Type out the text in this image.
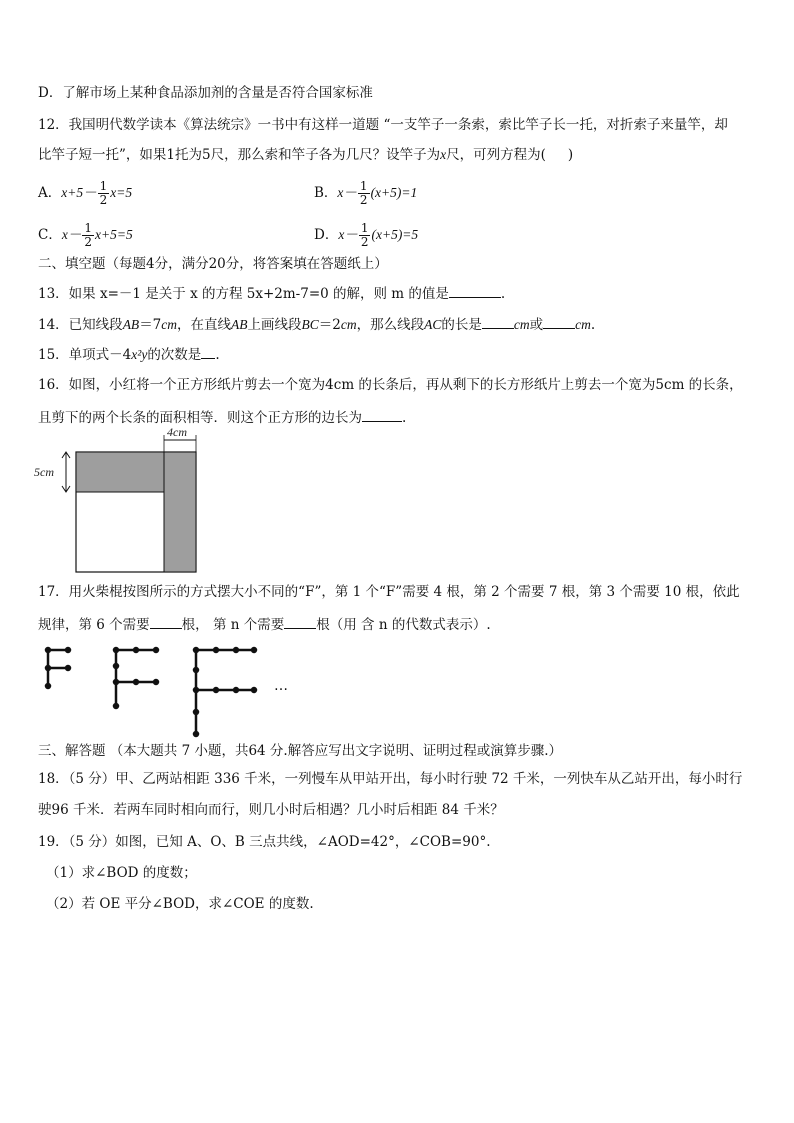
D．了解市场上某种食品添加剂的含量是否符合国家标准
12．我国明代数学读本《算法统宗》一书中有这样一道题 “一支竿子一条索，索比竿子长一托，对折索子来量竿，却
比竿子短一托”，如果1托为5尺，那么索和竿子各为几尺？设竿子为x尺，可列方程为( )
A．$x+5- \frac{1}{2} x=5$	B．$x- \frac{1}{2} (x+5)=1$
C．$x- \frac{1}{2} x+5=5$	D．$x- \frac{1}{2} (x+5)=5$
二、填空题（每题4分，满分20分，将答案填在答题纸上）
13．如果 x=－1 是关于 x 的方程 5x+2m-7=0 的解，则 m 的值是	.
14．已知线段AB＝7cm，在直线AB上画线段BC＝2cm，那么线段AC的长是 cm或 cm.
15．单项式－4x²y的次数是 .
16．如图，小红将一个正方形纸片剪去一个宽为4cm 的长条后，再从剩下的长方形纸片上剪去一个宽为5cm 的长条，
且剪下的两个长条的面积相等．则这个正方形的边长为	.
4cm
5cm
17．用火柴棍按图所示的方式摆大小不同的“F”，第 1 个“F”需要 4 根，第 2 个需要 7 根，第 3 个需要 10 根，依此
规律，第 6 个需要 根， 第 n 个需要 根（用 含 n 的代数式表示）.
…
三、解答题 （本大题共 7 小题，共64 分.解答应写出文字说明、证明过程或演算步骤.）
18．（5 分）甲、乙两站相距 336 千米，一列慢车从甲站开出，每小时行驶 72 千米，一列快车从乙站开出，每小时行
驶96 千米．若两车同时相向而行，则几小时后相遇？几小时后相距 84 千米？
19．（5 分）如图，已知 A、O、B 三点共线，∠AOD=42°，∠COB=90°.
（1）求∠BOD 的度数；
（2）若 OE 平分∠BOD，求∠COE 的度数.
